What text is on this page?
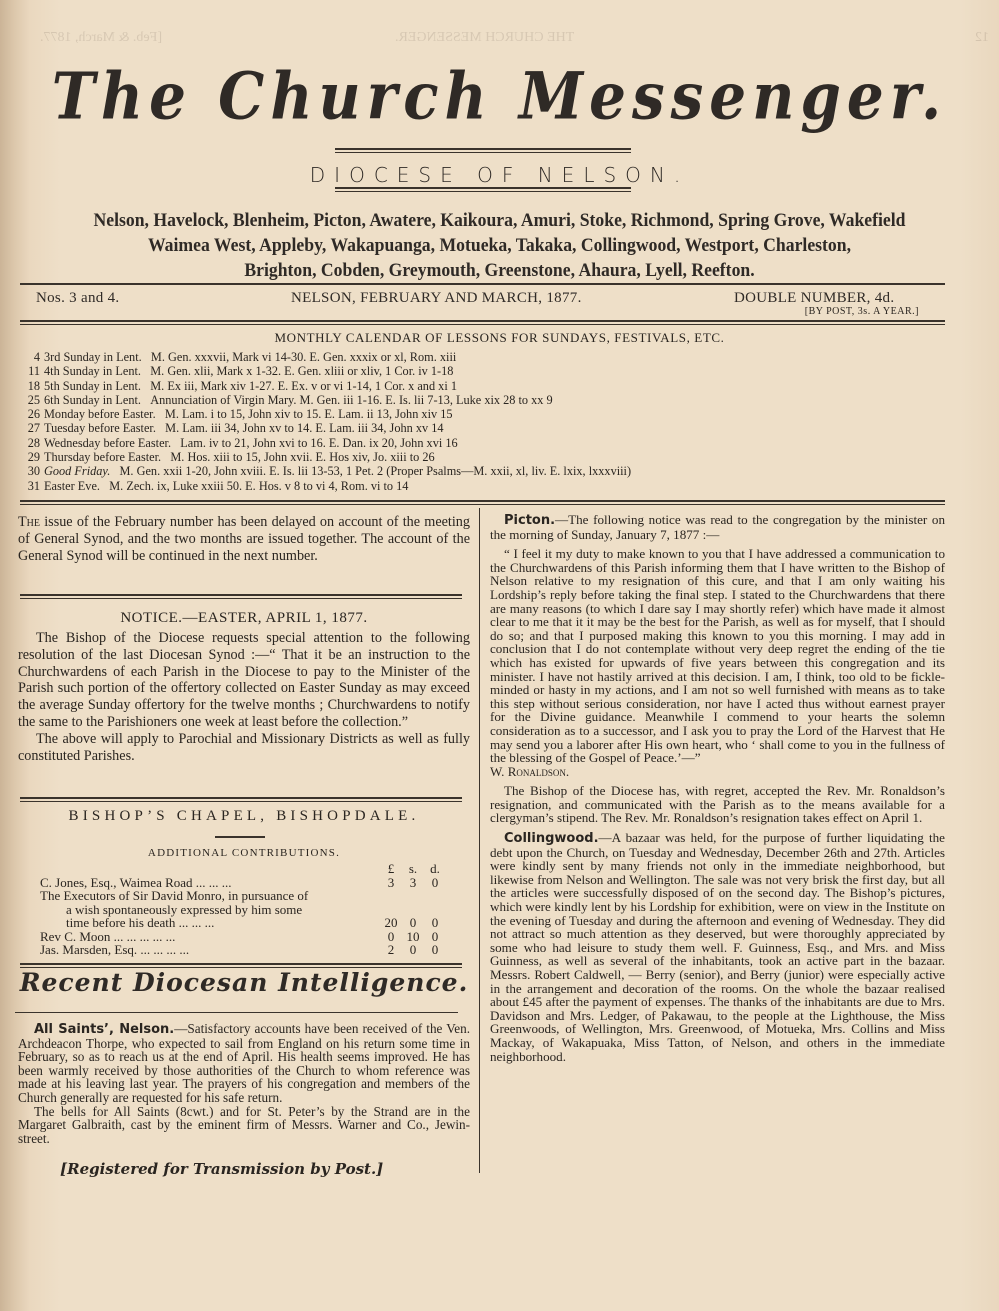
[Feb. & March, 1877.	THE CHURCH MESSENGER.	12
The Church Messenger.
DIOCESE OF NELSON.
Nelson, Havelock, Blenheim, Picton, Awatere, Kaikoura, Amuri, Stoke, Richmond, Spring Grove, Wakefield
Waimea West, Appleby, Wakapuanga, Motueka, Takaka, Collingwood, Westport, Charleston,
Brighton, Cobden, Greymouth, Greenstone, Ahaura, Lyell, Reefton.
Nos. 3 and 4.	NELSON, FEBRUARY AND MARCH, 1877.	DOUBLE NUMBER, 4d.
[BY POST, 3s. A YEAR.]
MONTHLY CALENDAR OF LESSONS FOR SUNDAYS, FESTIVALS, ETC.
4 3rd Sunday in Lent. M. Gen. xxxvii, Mark vi 14-30. E. Gen. xxxix or xl, Rom. xiii
11 4th Sunday in Lent. M. Gen. xlii, Mark x 1-32. E. Gen. xliii or xliv, 1 Cor. iv 1-18
18 5th Sunday in Lent. M. Ex iii, Mark xiv 1-27. E. Ex. v or vi 1-14, 1 Cor. x and xi 1
25 6th Sunday in Lent. Annunciation of Virgin Mary. M. Gen. iii 1-16. E. Is. lii 7-13, Luke xix 28 to xx 9
26 Monday before Easter. M. Lam. i to 15, John xiv to 15. E. Lam. ii 13, John xiv 15
27 Tuesday before Easter. M. Lam. iii 34, John xv to 14. E. Lam. iii 34, John xv 14
28 Wednesday before Easter. Lam. iv to 21, John xvi to 16. E. Dan. ix 20, John xvi 16
29 Thursday before Easter. M. Hos. xiii to 15, John xvii. E. Hos xiv, Jo. xiii to 26
30 Good Friday. M. Gen. xxii 1-20, John xviii. E. Is. lii 13-53, 1 Pet. 2 (Proper Psalms—M. xxii, xl, liv. E. lxix, lxxxviii)
31 Easter Eve. M. Zech. ix, Luke xxiii 50. E. Hos. v 8 to vi 4, Rom. vi to 14

The issue of the February number has been delayed on account of the meeting of General Synod, and the two months are issued together. The account of the General Synod will be continued in the next number.

NOTICE.—EASTER, APRIL 1, 1877.

The Bishop of the Diocese requests special attention to the following resolution of the last Diocesan Synod :—“ That it be an instruction to the Churchwardens of each Parish in the Diocese to pay to the Minister of the Parish such portion of the offertory collected on Easter Sunday as may exceed the average Sunday offertory for the twelve months ; Churchwardens to notify the same to the Parishioners one week at least before the collection.”

The above will apply to Parochial and Missionary Districts as well as fully constituted Parishes.

BISHOP’S CHAPEL, BISHOPDALE.
ADDITIONAL CONTRIBUTIONS.
£	s. d.
C. Jones, Esq., Waimea Road ... ... ...	3	3	0
The Executors of Sir David Monro, in pursuance of
a wish spontaneously expressed by him some
time before his death ... ... ...	20 0	0
Rev C. Moon ... ... ... ... ...	0 10 0
Jas. Marsden, Esq. ... ... ... ...	2	0	0
Recent Diocesan Intelligence.

All Saints’, Nelson.—Satisfactory accounts have been received of the Ven. Archdeacon Thorpe, who expected to sail from England on his return some time in February, so as to reach us at the end of April. His health seems improved. He has been warmly received by those authorities of the Church to whom reference was made at his leaving last year. The prayers of his congregation and members of the Church generally are requested for his safe return.

The bells for All Saints (8cwt.) and for St. Peter’s by the Strand are in the Margaret Galbraith, cast by the eminent firm of Messrs. Warner and Co., Jewin-street.

[Registered for Transmission by Post.]

Picton.—The following notice was read to the congregation by the minister on the morning of Sunday, January 7, 1877 :—

“ I feel it my duty to make known to you that I have addressed a communication to the Churchwardens of this Parish informing them that I have written to the Bishop of Nelson relative to my resignation of this cure, and that I am only waiting his Lordship’s reply before taking the final step. I stated to the Churchwardens that there are many reasons (to which I dare say I may shortly refer) which have made it almost clear to me that it it may be the best for the Parish, as well as for myself, that I should do so; and that I purposed making this known to you this morning. I may add in conclusion that I do not contemplate without very deep regret the ending of the tie which has existed for upwards of five years between this congregation and its minister. I have not hastily arrived at this decision. I am, I think, too old to be fickle-minded or hasty in my actions, and I am not so well furnished with means as to take this step without serious consideration, nor have I acted thus without earnest prayer for the Divine guidance. Meanwhile I commend to your hearts the solemn consideration as to a successor, and I ask you to pray the Lord of the Harvest that He may send you a laborer after His own heart, who ‘ shall come to you in the fullness of the blessing of the Gospel of Peace.’—”

W. Ronaldson.

The Bishop of the Diocese has, with regret, accepted the Rev. Mr. Ronaldson’s resignation, and communicated with the Parish as to the means available for a clergyman’s stipend. The Rev. Mr. Ronaldson’s resignation takes effect on April 1.

Collingwood.—A bazaar was held, for the purpose of further liquidating the debt upon the Church, on Tuesday and Wednesday, December 26th and 27th. Articles were kindly sent by many friends not only in the immediate neighborhood, but likewise from Nelson and Wellington. The sale was not very brisk the first day, but all the articles were successfully disposed of on the second day. The Bishop’s pictures, which were kindly lent by his Lordship for exhibition, were on view in the Institute on the evening of Tuesday and during the afternoon and evening of Wednesday. They did not attract so much attention as they deserved, but were thoroughly appreciated by some who had leisure to study them well. F. Guinness, Esq., and Mrs. and Miss Guinness, as well as several of the inhabitants, took an active part in the bazaar. Messrs. Robert Caldwell, — Berry (senior), and Berry (junior) were especially active in the arrangement and decoration of the rooms. On the whole the bazaar realised about £45 after the payment of expenses. The thanks of the inhabitants are due to Mrs. Davidson and Mrs. Ledger, of Pakawau, to the people at the Lighthouse, the Miss Greenwoods, of Wellington, Mrs. Greenwood, of Motueka, Mrs. Collins and Miss Mackay, of Wakapuaka, Miss Tatton, of Nelson, and others in the immediate neighborhood.
